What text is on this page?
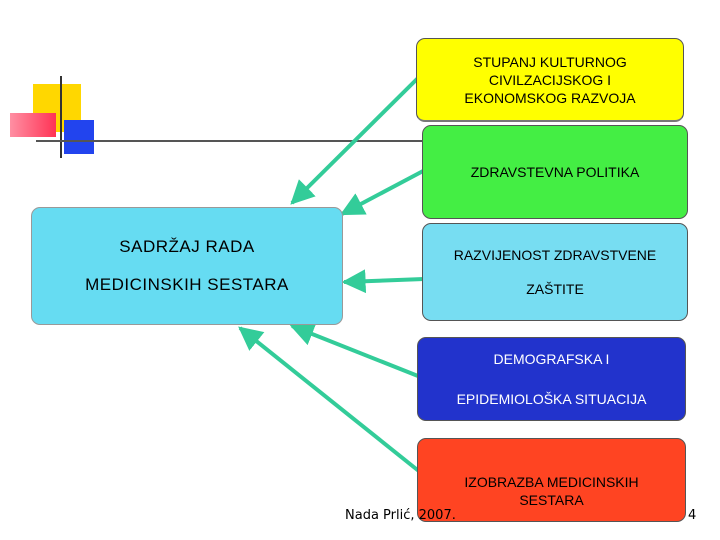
STUPANJ KULTURNOG
CIVILZACIJSKOG I
EKONOMSKOG RAZVOJA
ZDRAVSTEVNA POLITIKA
RAZVIJENOST ZDRAVSTVENE
ZAŠTITE
DEMOGRAFSKA I
EPIDEMIOLOŠKA SITUACIJA
IZOBRAZBA MEDICINSKIH
SESTARA
SADRŽAJ RADA
MEDICINSKIH SESTARA
Nada Prlić, 2007.	4
